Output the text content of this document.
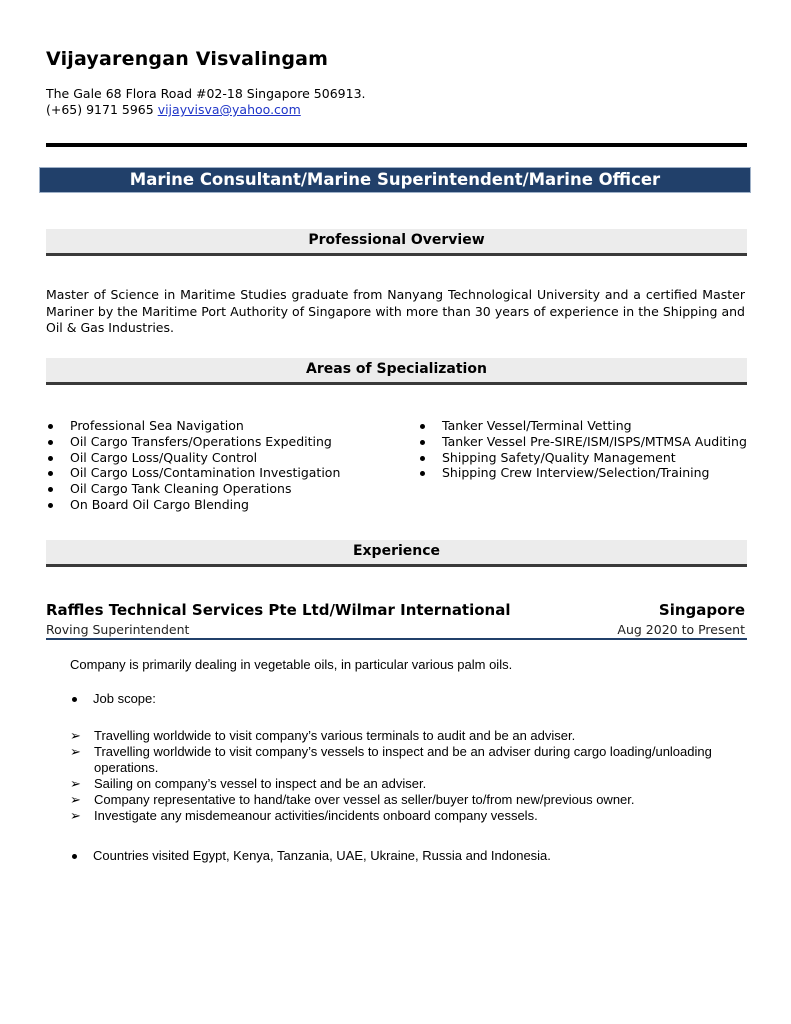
Vijayarengan Visvalingam
The Gale 68 Flora Road #02-18 Singapore 506913.
(+65) 9171 5965 vijayvisva@yahoo.com
Marine Consultant/Marine Superintendent/Marine Officer
Professional Overview
Master of Science in Maritime Studies graduate from Nanyang Technological University and a certified Master Mariner by the Maritime Port Authority of Singapore with more than 30 years of experience in the Shipping and Oil & Gas Industries.
Areas of Specialization
Professional Sea Navigation
Oil Cargo Transfers/Operations Expediting
Oil Cargo Loss/Quality Control
Oil Cargo Loss/Contamination Investigation
Oil Cargo Tank Cleaning Operations
On Board Oil Cargo Blending
Tanker Vessel/Terminal Vetting
Tanker Vessel Pre-SIRE/ISM/ISPS/MTMSA Auditing
Shipping Safety/Quality Management
Shipping Crew Interview/Selection/Training
Experience
Raffles Technical Services Pte Ltd/Wilmar International	Singapore
Roving Superintendent	Aug 2020 to Present
Company is primarily dealing in vegetable oils, in particular various palm oils.
Job scope:
➢ Travelling worldwide to visit company’s various terminals to audit and be an adviser.
➢ Travelling worldwide to visit company’s vessels to inspect and be an adviser during cargo loading/unloading operations.
➢ Sailing on company’s vessel to inspect and be an adviser.
➢ Company representative to hand/take over vessel as seller/buyer to/from new/previous owner.
➢ Investigate any misdemeanour activities/incidents onboard company vessels.
Countries visited Egypt, Kenya, Tanzania, UAE, Ukraine, Russia and Indonesia.
